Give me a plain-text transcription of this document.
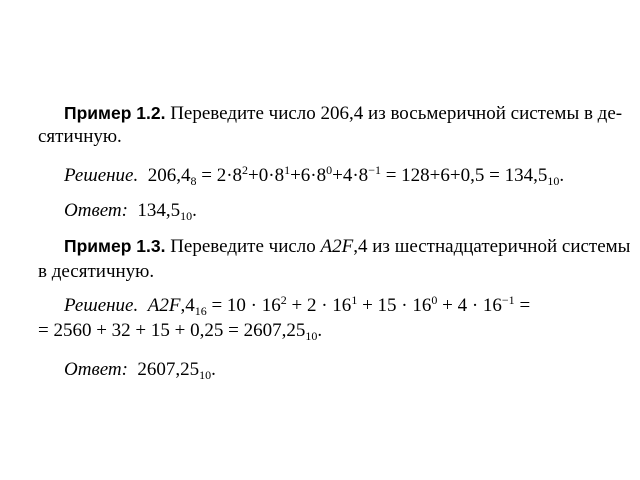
Пример 1.2. Переведите число 206,4 из восьмеричной системы в де-
сятичную.
Решение. $206,4_8 = 2\cdot 8^2+0\cdot 8^1+6\cdot 8^0+4\cdot 8^{-1} = 128+6+0,5 = 134,5_{10}$.
Ответ: $134,5_{10}$.
Пример 1.3. Переведите число A2F,4 из шестнадцатеричной системы
в десятичную.
Решение. $A2F,4_{16} = 10 \cdot 16^2 + 2 \cdot 16^1 + 15 \cdot 16^0 + 4 \cdot 16^{-1}$ =
= $2560 + 32 + 15 + 0,25 = 2607,25_{10}$.
Ответ: $2607,25_{10}$.
